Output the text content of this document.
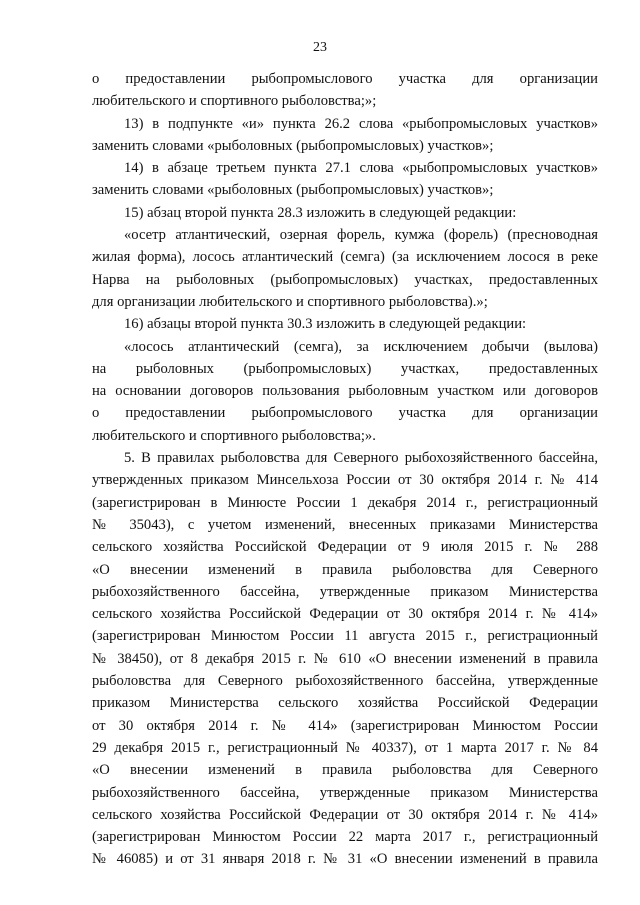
23
о предоставлении рыбопромыслового участка для организации
любительского и спортивного рыболовства;»;
13) в подпункте «и» пункта 26.2 слова «рыбопромысловых участков»
заменить словами «рыболовных (рыбопромысловых) участков»;
14) в абзаце третьем пункта 27.1 слова «рыбопромысловых участков»
заменить словами «рыболовных (рыбопромысловых) участков»;
15) абзац второй пункта 28.3 изложить в следующей редакции:
«осетр атлантический, озерная форель, кумжа (форель) (пресноводная
жилая форма), лосось атлантический (семга) (за исключением лосося в реке
Нарва на рыболовных (рыбопромысловых) участках, предоставленных
для организации любительского и спортивного рыболовства).»;
16) абзацы второй пункта 30.3 изложить в следующей редакции:
«лосось атлантический (семга), за исключением добычи (вылова)
на рыболовных (рыбопромысловых) участках, предоставленных
на основании договоров пользования рыболовным участком или договоров
о предоставлении рыбопромыслового участка для организации
любительского и спортивного рыболовства;».
5. В правилах рыболовства для Северного рыбохозяйственного бассейна,
утвержденных приказом Минсельхоза России от 30 октября 2014 г. № 414
(зарегистрирован в Минюсте России 1 декабря 2014 г., регистрационный
№ 35043), с учетом изменений, внесенных приказами Министерства
сельского хозяйства Российской Федерации от 9 июля 2015 г. № 288
«О внесении изменений в правила рыболовства для Северного
рыбохозяйственного бассейна, утвержденные приказом Министерства
сельского хозяйства Российской Федерации от 30 октября 2014 г. № 414»
(зарегистрирован Минюстом России 11 августа 2015 г., регистрационный
№ 38450), от 8 декабря 2015 г. № 610 «О внесении изменений в правила
рыболовства для Северного рыбохозяйственного бассейна, утвержденные
приказом Министерства сельского хозяйства Российской Федерации
от 30 октября 2014 г. № 414» (зарегистрирован Минюстом России
29 декабря 2015 г., регистрационный № 40337), от 1 марта 2017 г. № 84
«О внесении изменений в правила рыболовства для Северного
рыбохозяйственного бассейна, утвержденные приказом Министерства
сельского хозяйства Российской Федерации от 30 октября 2014 г. № 414»
(зарегистрирован Минюстом России 22 марта 2017 г., регистрационный
№ 46085) и от 31 января 2018 г. № 31 «О внесении изменений в правила
